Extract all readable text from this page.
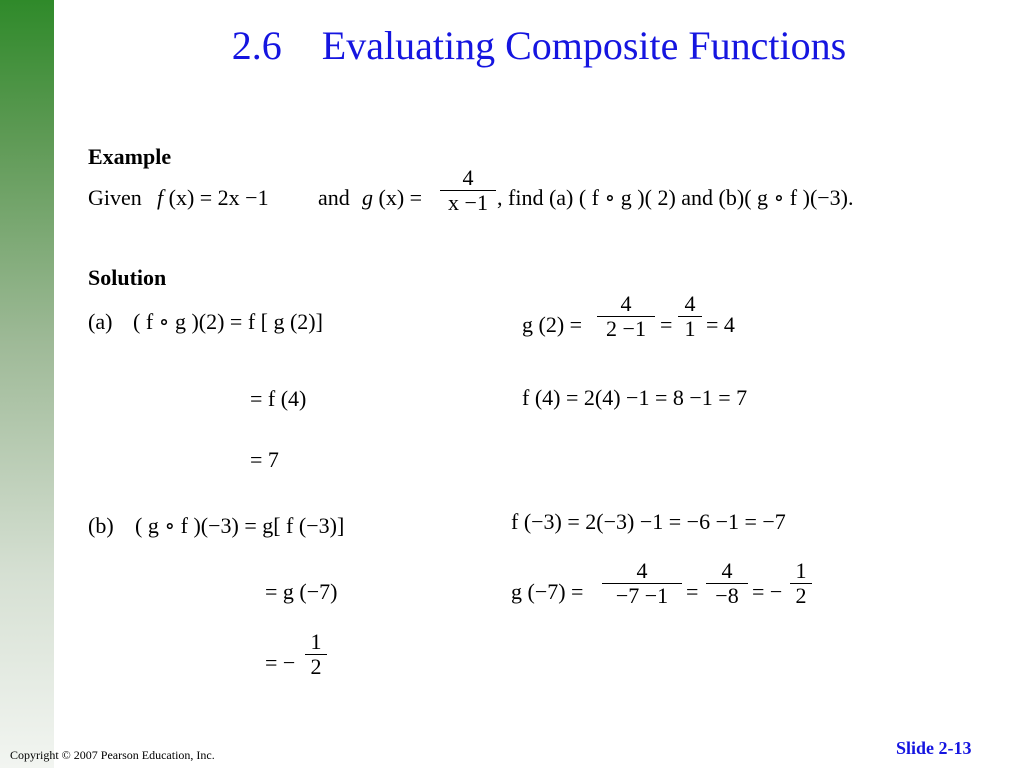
2.6    Evaluating Composite Functions
Example
Given f (x) = 2x −1 and g (x) =
4
x −1 , find (a) ( f ∘ g )( 2) and (b)( g ∘ f )(−3).
Solution
(a) ( f ∘ g )(2) = f [ g (2)]
= f (4)
= 7
g (2) =
4
2 −1 =
4
1 = 4
f (4) = 2(4) −1 = 8 −1 = 7
(b) ( g ∘ f )(−3) = g[ f (−3)]
= g (−7)
= −
1
2
f (−3) = 2(−3) −1 = −6 −1 = −7
g (−7) =
4
−7 −1 =
4
−8 = −
1
2
Copyright © 2007 Pearson Education, Inc.	Slide 2-13
